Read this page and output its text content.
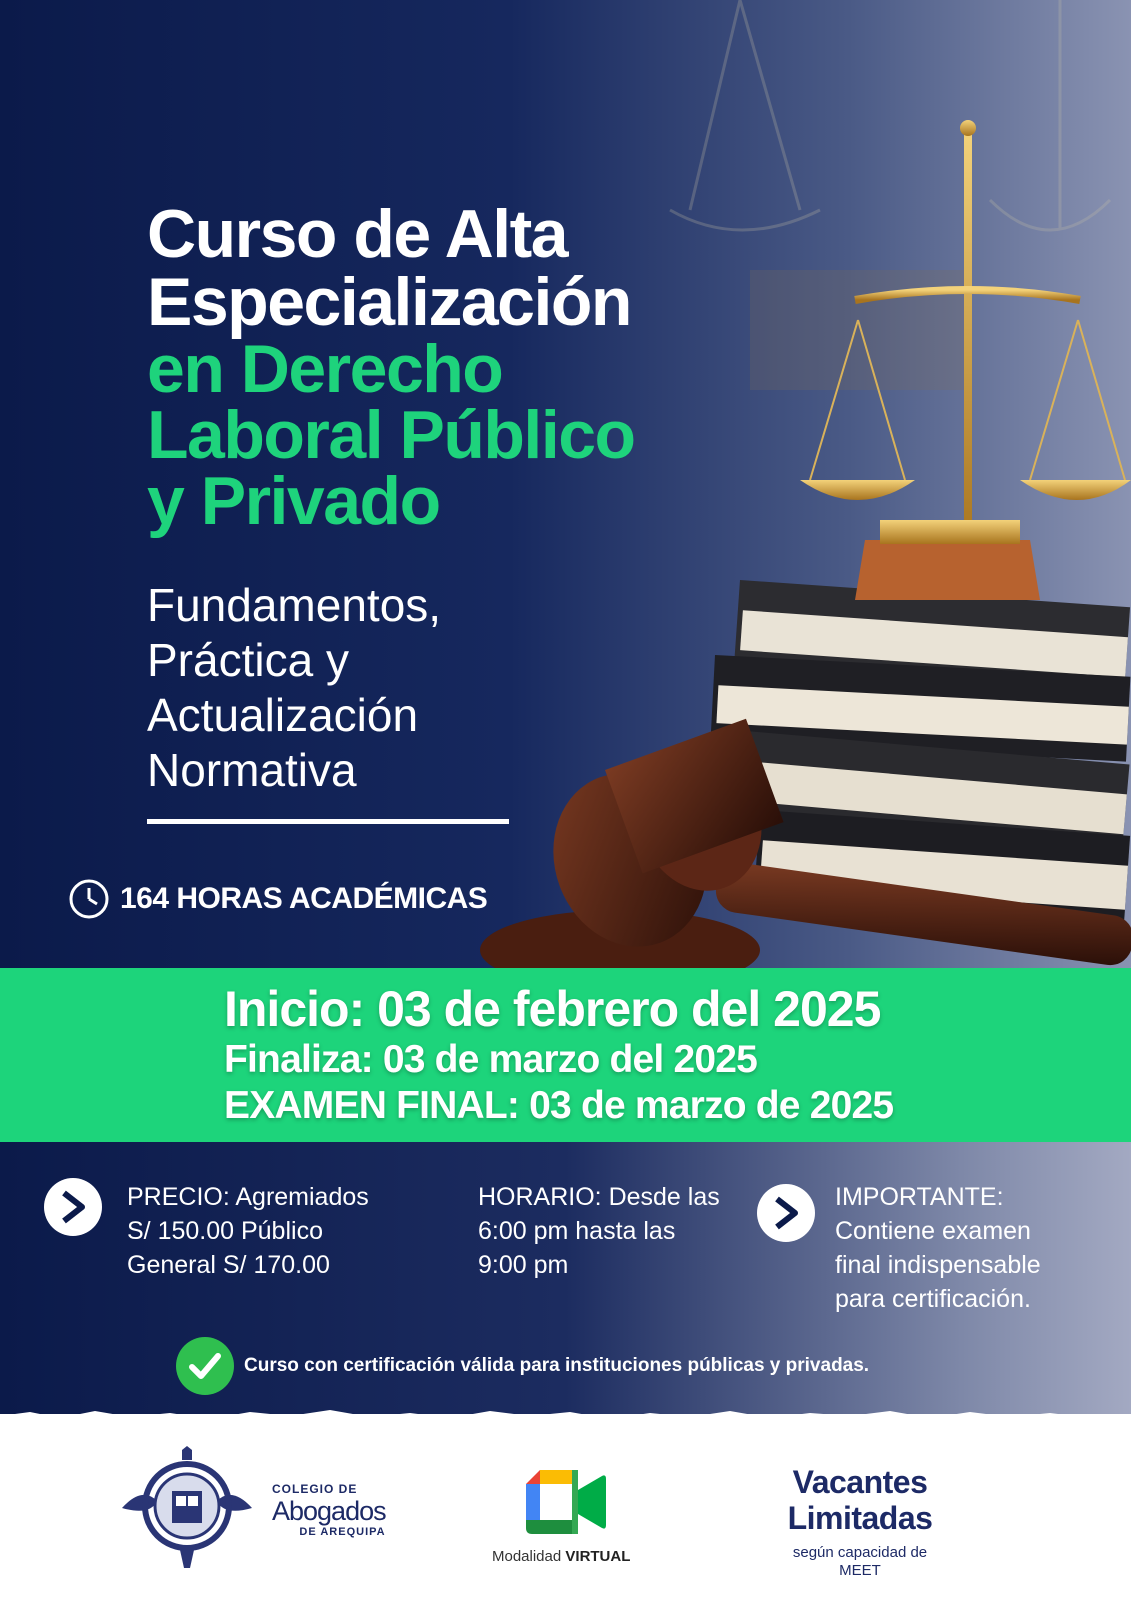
Curso de Alta
Especialización
en Derecho
Laboral Público
y Privado
Fundamentos,
Práctica y
Actualización
Normativa
164 HORAS ACADÉMICAS
Inicio: 03 de febrero del 2025
Finaliza: 03 de marzo del 2025
EXAMEN FINAL: 03 de marzo de 2025
PRECIO: Agremiados
S/ 150.00 Público
General S/ 170.00
HORARIO: Desde las
6:00 pm hasta las
9:00 pm
IMPORTANTE:
Contiene examen
final indispensable
para certificación.
Curso con certificación válida para instituciones públicas y privadas.
COLEGIO DE
Abogados
DE AREQUIPA
Modalidad VIRTUAL
Vacantes
Limitadas
según capacidad de
MEET
